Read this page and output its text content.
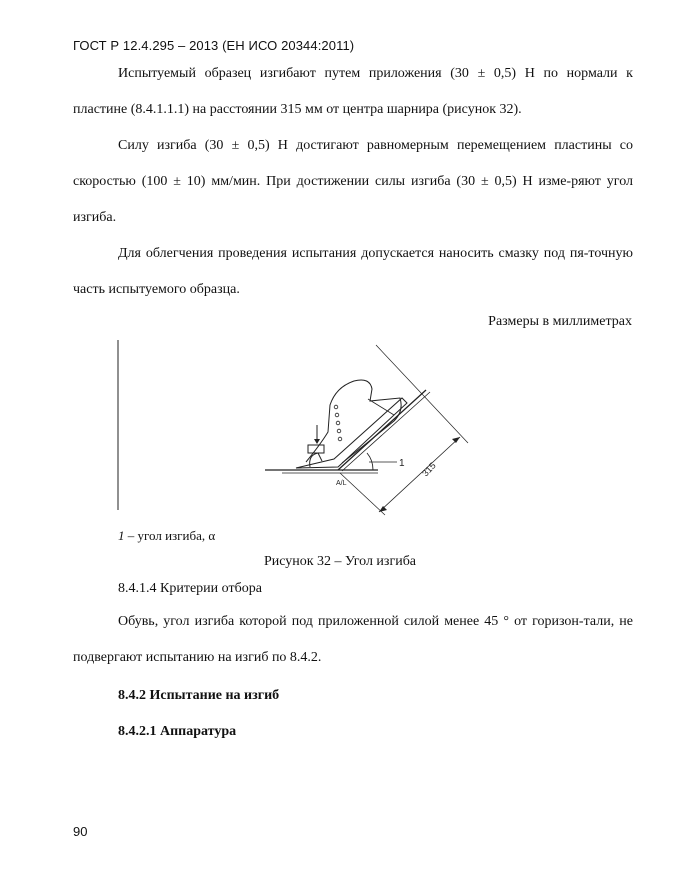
ГОСТ Р 12.4.295 – 2013 (ЕН ИСО 20344:2011)
Испытуемый образец изгибают путем приложения (30 ± 0,5) Н по нормали к пластине (8.4.1.1.1) на расстоянии 315 мм от центра шарнира (рисунок 32).
Силу изгиба (30 ± 0,5) Н достигают равномерным перемещением пластины со скоростью (100 ± 10) мм/мин. При достижении силы изгиба (30 ± 0,5) Н изме-ряют угол изгиба.
Для облегчения проведения испытания допускается наносить смазку под пя-точную часть испытуемого образца.
Размеры в миллиметрах
1
A/L
315
1 – угол изгиба, α
Рисунок 32 – Угол изгиба
8.4.1.4 Критерии отбора
Обувь, угол изгиба которой под приложенной силой менее 45 ° от горизон-тали, не подвергают испытанию на изгиб по 8.4.2.
8.4.2 Испытание на изгиб
8.4.2.1 Аппаратура
90
